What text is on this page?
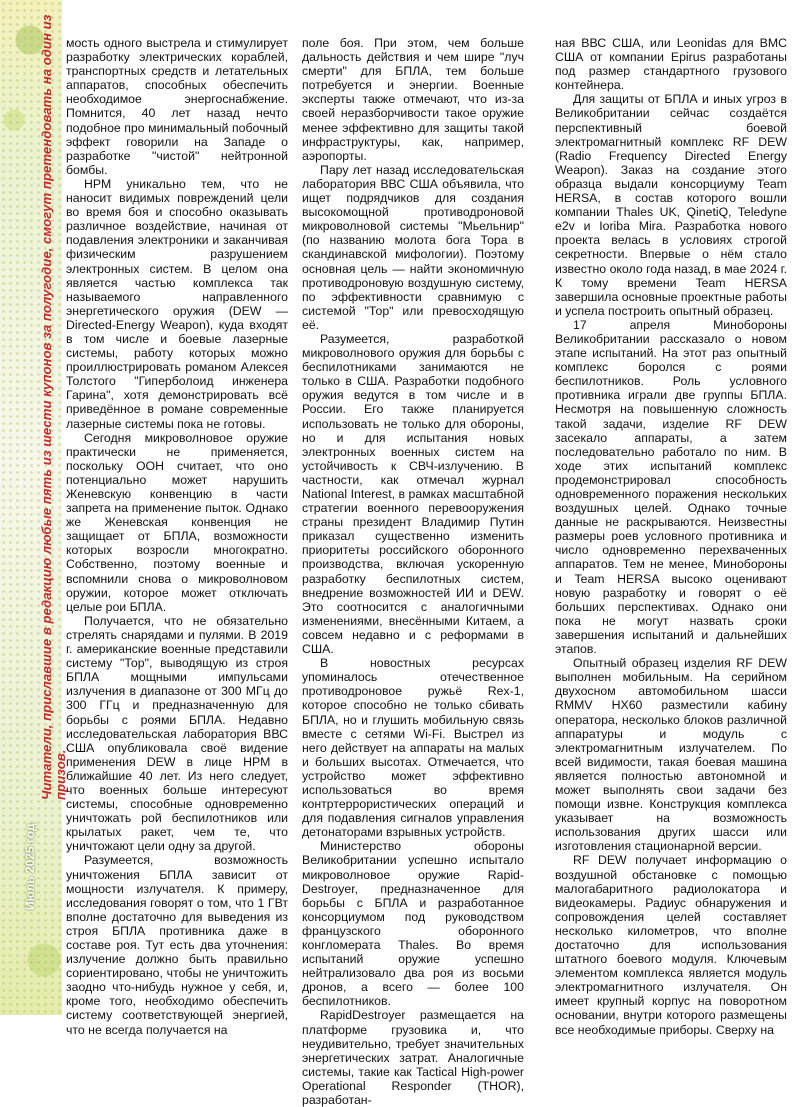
Читатели, приславшие в редакцию любые пять из шести купонов за полугодие, смогут претендовать на один из призов.
Июль 2025 год

мость одного выстрела и стимулирует разработку электрических кораблей, транспортных средств и летательных аппаратов, способных обеспечить необходимое энергоснабжение. Помнится, 40 лет назад нечто подобное про минимальный побочный эффект говорили на Западе о разработке "чистой" нейтронной бомбы.

НРМ уникально тем, что не наносит видимых повреждений цели во время боя и способно оказывать различное воздействие, начиная от подавления электроники и заканчивая физическим разрушением электронных систем. В целом она является частью комплекса так называемого направленного энергетического оружия (DEW — Directed-Energy Weapon), куда входят в том числе и боевые лазерные системы, работу которых можно проиллюстрировать романом Алексея Толстого "Гиперболоид инженера Гарина", хотя демонстрировать всё приведённое в романе современные лазерные системы пока не готовы.

Сегодня микроволновое оружие практически не применяется, поскольку ООН считает, что оно потенциально может нарушить Женевскую конвенцию в части запрета на применение пыток. Однако же Женевская конвенция не защищает от БПЛА, возможности которых возросли многократно. Собственно, поэтому военные и вспомнили снова о микроволновом оружии, которое может отключать целые рои БПЛА.

Получается, что не обязательно стрелять снарядами и пулями. В 2019 г. американские военные представили систему "Тор", выводящую из строя БПЛА мощными импульсами излучения в диапазоне от 300 МГц до 300 ГГц и предназначенную для борьбы с роями БПЛА. Недавно исследовательская лаборатория ВВС США опубликовала своё видение применения DEW в лице НРМ в ближайшие 40 лет. Из него следует, что военных больше интересуют системы, способные одновременно уничтожать рой беспилотников или крылатых ракет, чем те, что уничтожают цели одну за другой.

Разумеется, возможность уничтожения БПЛА зависит от мощности излучателя. К примеру, исследования говорят о том, что 1 ГВт вполне достаточно для выведения из строя БПЛА противника даже в составе роя. Тут есть два уточнения: излучение должно быть правильно сориентировано, чтобы не уничтожить заодно что-нибудь нужное у себя, и, кроме того, необходимо обеспечить систему соответствующей энергией, что не всегда получается на

поле боя. При этом, чем больше дальность действия и чем шире "луч смерти" для БПЛА, тем больше потребуется и энергии. Военные эксперты также отмечают, что из-за своей неразборчивости такое оружие менее эффективно для защиты такой инфраструктуры, как, например, аэропорты.

Пару лет назад исследовательская лаборатория ВВС США объявила, что ищет подрядчиков для создания высокомощной противодроновой микроволновой системы "Мьельнир" (по названию молота бога Тора в скандинавской мифологии). Поэтому основная цель — найти экономичную противодроновую воздушную систему, по эффективности сравнимую с системой "Тор" или превосходящую её.

Разумеется, разработкой микроволнового оружия для борьбы с беспилотниками занимаются не только в США. Разработки подобного оружия ведутся в том числе и в России. Его также планируется использовать не только для обороны, но и для испытания новых электронных военных систем на устойчивость к СВЧ-излучению. В частности, как отмечал журнал National Interest, в рамках масштабной стратегии военного перевооружения страны президент Владимир Путин приказал существенно изменить приоритеты российского оборонного производства, включая ускоренную разработку беспилотных систем, внедрение возможностей ИИ и DEW. Это соотносится с аналогичными изменениями, внесёнными Китаем, а совсем недавно и с реформами в США.

В новостных ресурсах упоминалось отечественное противодроновое ружьё Rex-1, которое способно не только сбивать БПЛА, но и глушить мобильную связь вместе с сетями Wi-Fi. Выстрел из него действует на аппараты на малых и больших высотах. Отмечается, что устройство может эффективно использоваться во время контртеррористических операций и для подавления сигналов управления детонаторами взрывных устройств.

Министерство обороны Великобритании успешно испытало микроволновое оружие Rapid-Destroyer, предназначенное для борьбы с БПЛА и разработанное консорциумом под руководством французского оборонного конгломерата Thales. Во время испытаний оружие успешно нейтрализовало два роя из восьми дронов, а всего — более 100 беспилотников.

RapidDestroyer размещается на платформе грузовика и, что неудивительно, требует значительных энергетических затрат. Аналогичные системы, такие как Tactical High-power Operational Responder (THOR), разработан-

ная ВВС США, или Leonidas для ВМС США от компании Epirus разработаны под размер стандартного грузового контейнера.

Для защиты от БПЛА и иных угроз в Великобритании сейчас создаётся перспективный боевой электромагнитный комплекс RF DEW (Radio Frequency Directed Energy Weapon). Заказ на создание этого образца выдали консорциуму Team HERSA, в состав которого вошли компании Thales UK, QinetiQ, Teledyne e2v и Ioriba Mira. Разработка нового проекта велась в условиях строгой секретности. Впервые о нём стало известно около года назад, в мае 2024 г. К тому времени Team HERSA завершила основные проектные работы и успела построить опытный образец.

17 апреля Минобороны Великобритании рассказало о новом этапе испытаний. На этот раз опытный комплекс боролся с роями беспилотников. Роль условного противника играли две группы БПЛА. Несмотря на повышенную сложность такой задачи, изделие RF DEW засекало аппараты, а затем последовательно работало по ним. В ходе этих испытаний комплекс продемонстрировал способность одновременного поражения нескольких воздушных целей. Однако точные данные не раскрываются. Неизвестны размеры роев условного противника и число одновременно перехваченных аппаратов. Тем не менее, Минобороны и Team HERSA высоко оценивают новую разработку и говорят о её больших перспективах. Однако они пока не могут назвать сроки завершения испытаний и дальнейших этапов.

Опытный образец изделия RF DEW выполнен мобильным. На серийном двухосном автомобильном шасси RMMV HX60 разместили кабину оператора, несколько блоков различной аппаратуры и модуль с электромагнитным излучателем. По всей видимости, такая боевая машина является полностью автономной и может выполнять свои задачи без помощи извне. Конструкция комплекса указывает на возможность использования других шасси или изготовления стационарной версии.

RF DEW получает информацию о воздушной обстановке с помощью малогабаритного радиолокатора и видеокамеры. Радиус обнаружения и сопровождения целей составляет несколько километров, что вполне достаточно для использования штатного боевого модуля. Ключевым элементом комплекса является модуль электромагнитного излучателя. Он имеет крупный корпус на поворотном основании, внутри которого размещены все необходимые приборы. Сверху на
